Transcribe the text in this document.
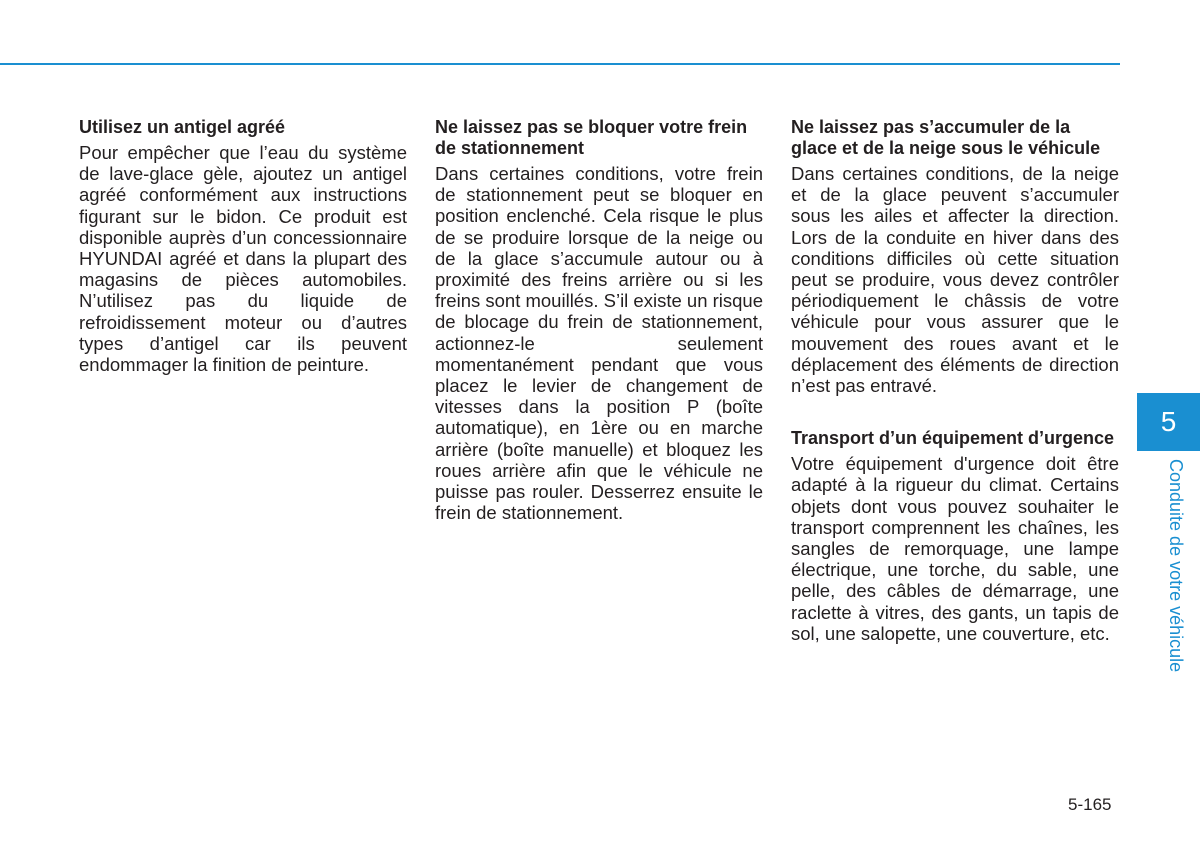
Utilisez un antigel agréé

Pour empêcher que l’eau du système de lave-glace gèle, ajoutez un antigel agréé conformément aux instructions figurant sur le bidon. Ce produit est disponible auprès d’un concessionnaire HYUNDAI agréé et dans la plupart des magasins de pièces automobiles. N’utilisez pas du liquide de refroidissement moteur ou d’autres types d’antigel car ils peuvent endommager la finition de peinture.

Ne laissez pas se bloquer votre frein de stationnement

Dans certaines conditions, votre frein de stationnement peut se bloquer en position enclenché. Cela risque le plus de se produire lorsque de la neige ou de la glace s’accumule autour ou à proximité des freins arrière ou si les freins sont mouillés. S’il existe un risque de blocage du frein de stationnement, actionnez-le seulement momentanément pendant que vous placez le levier de changement de vitesses dans la position P (boîte automatique), en 1ère ou en marche arrière (boîte manuelle) et bloquez les roues arrière afin que le véhicule ne puisse pas rouler. Desserrez ensuite le frein de stationnement.

Ne laissez pas s’accumuler de la glace et de la neige sous le véhicule

Dans certaines conditions, de la neige et de la glace peuvent s’accumuler sous les ailes et affecter la direction. Lors de la conduite en hiver dans des conditions difficiles où cette situation peut se produire, vous devez contrôler périodiquement le châssis de votre véhicule pour vous assurer que le mouvement des roues avant et le déplacement des éléments de direction n’est pas entravé.

Transport d’un équipement d’urgence

Votre équipement d'urgence doit être adapté à la rigueur du climat. Certains objets dont vous pouvez souhaiter le transport comprennent les chaînes, les sangles de remorquage, une lampe électrique, une torche, du sable, une pelle, des câbles de démarrage, une raclette à vitres, des gants, un tapis de sol, une salopette, une couverture, etc.

5
Conduite de votre véhicule
5-165
